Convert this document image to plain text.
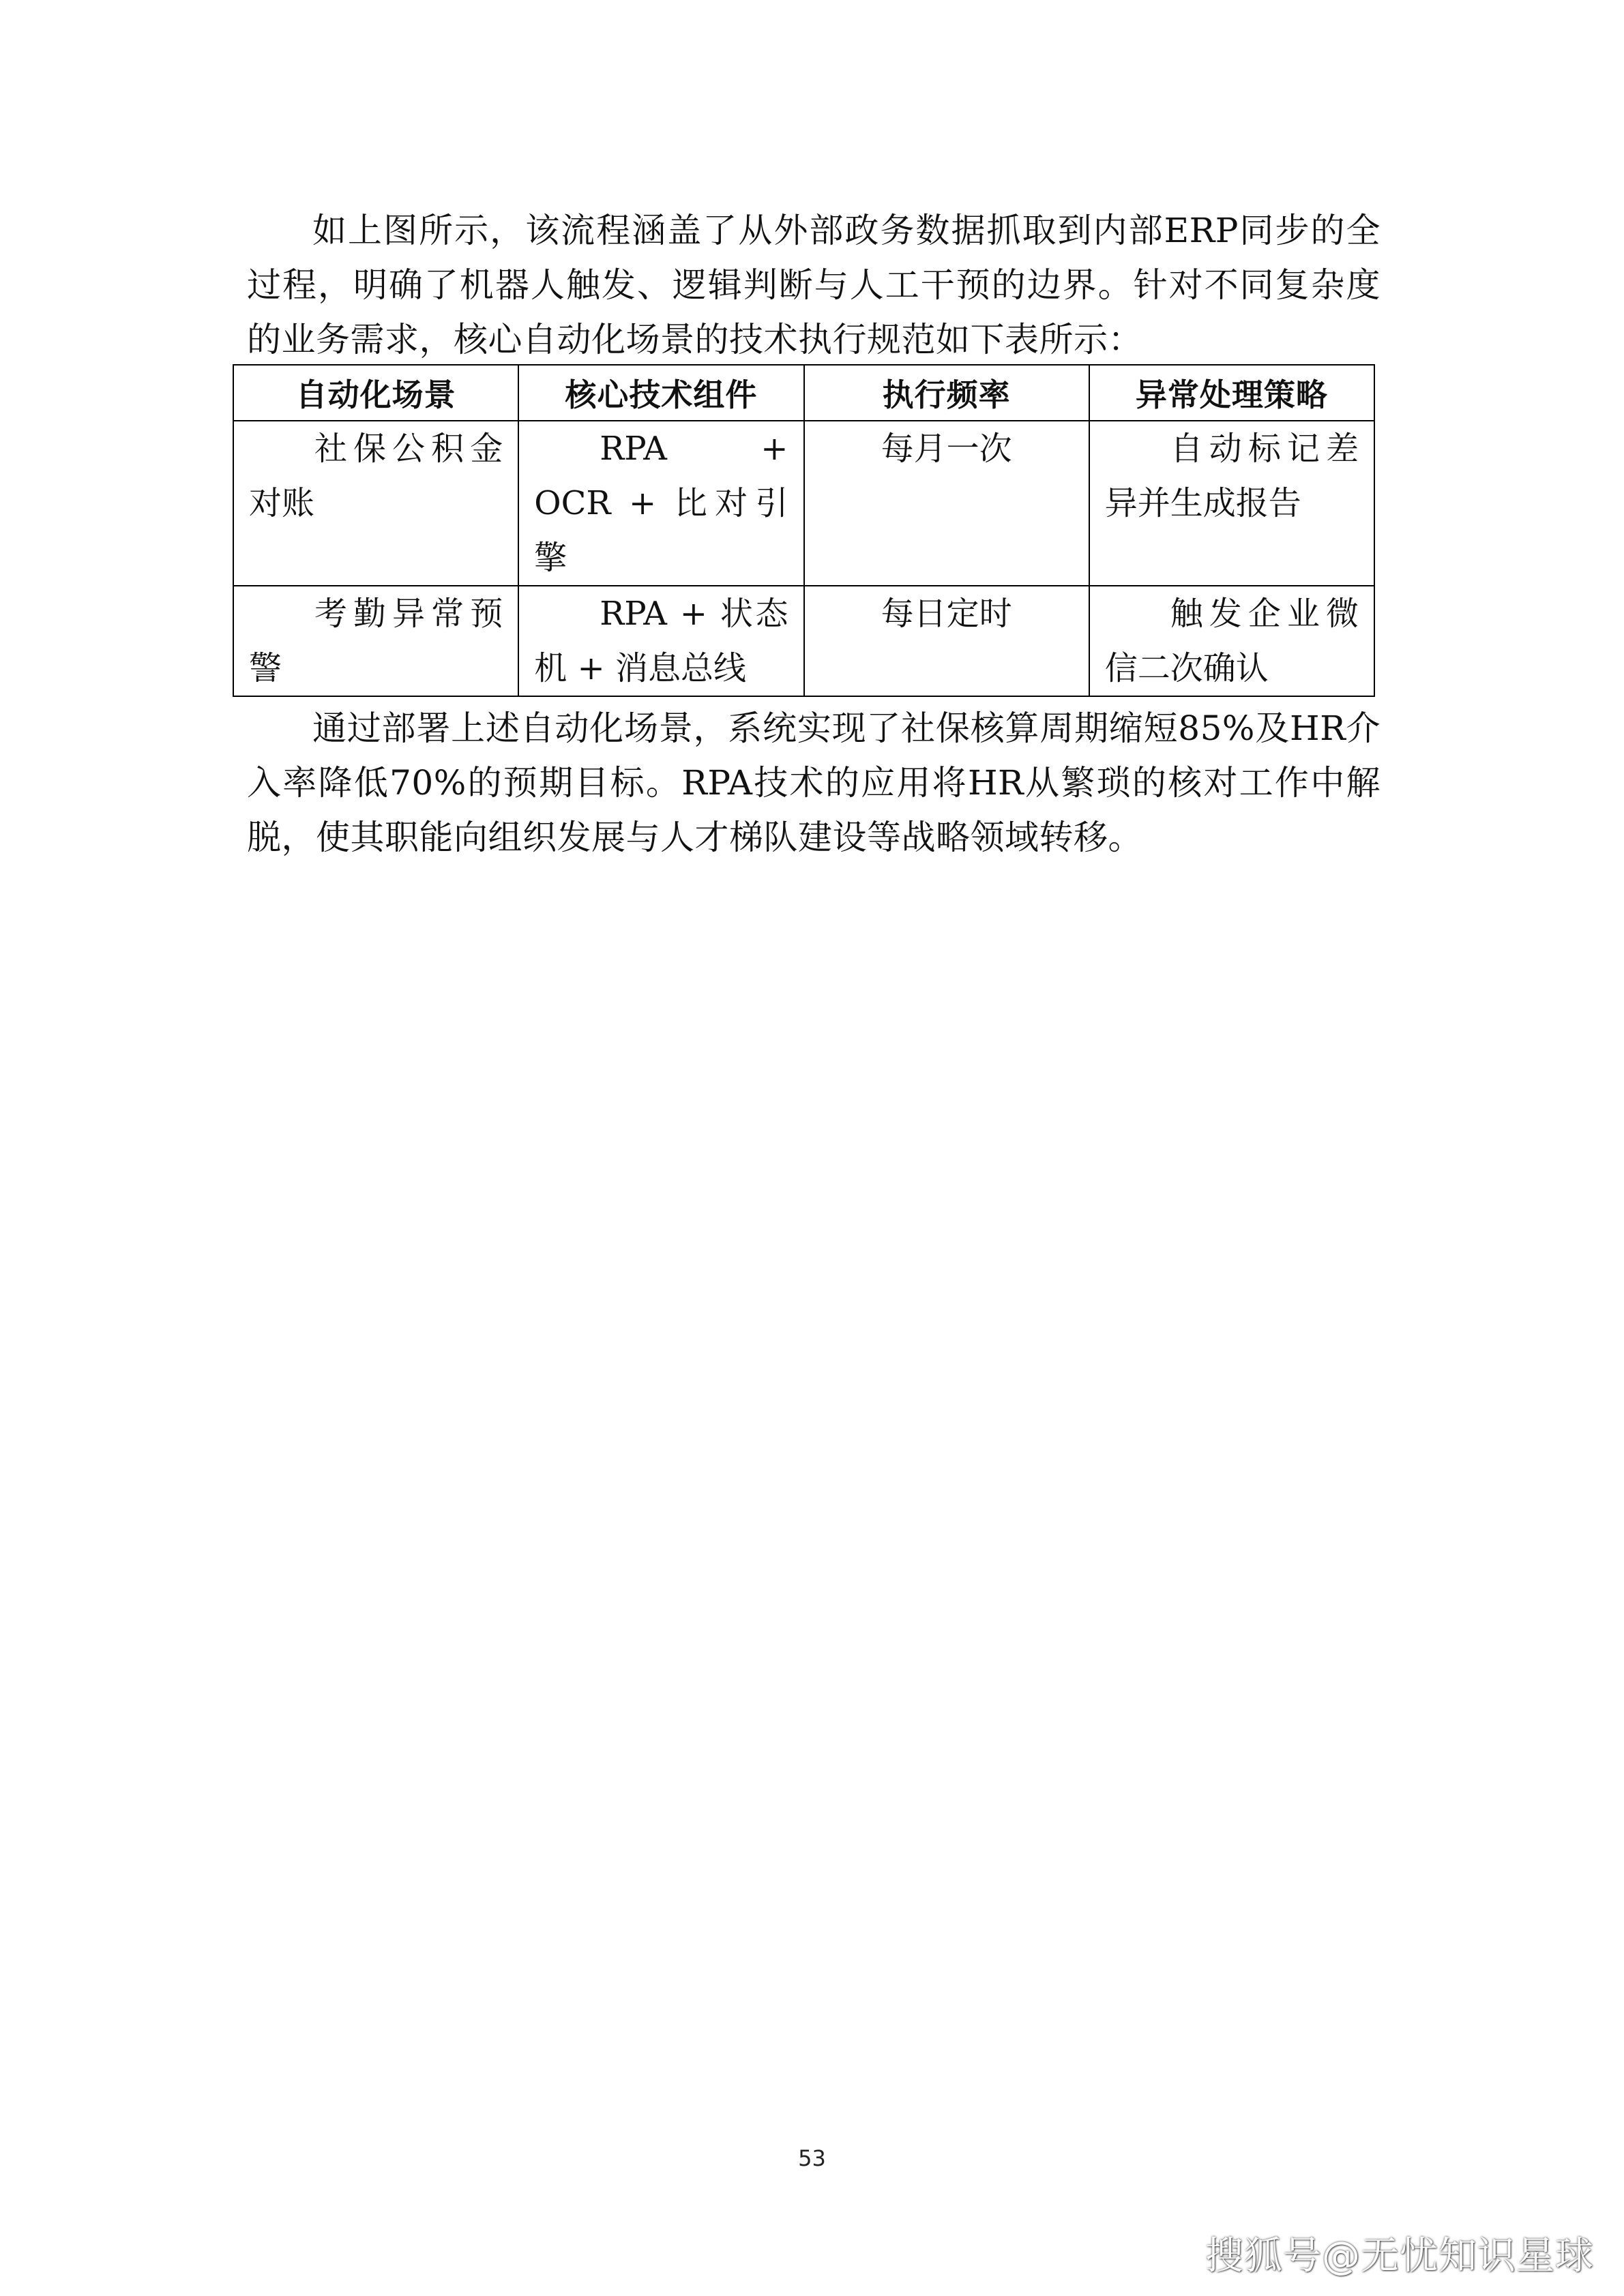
如上图所示，该流程涵盖了从外部政务数据抓取到内部ERP同步的全过程，明确了机器人触发、逻辑判断与人工干预的边界。针对不同复杂度的业务需求，核心自动化场景的技术执行规范如下表所示：

自动化场景	核心技术组件	执行频率	异常处理策略
社保公积金对账	RPA + OCR + 比对引擎	每月一次	自动标记差异并生成报告
考勤异常预警	RPA + 状态机 + 消息总线	每日定时	触发企业微信二次确认

通过部署上述自动化场景，系统实现了社保核算周期缩短85%及HR介入率降低70%的预期目标。RPA技术的应用将HR从繁琐的核对工作中解脱，使其职能向组织发展与人才梯队建设等战略领域转移。

53
搜狐号@无忧知识星球
